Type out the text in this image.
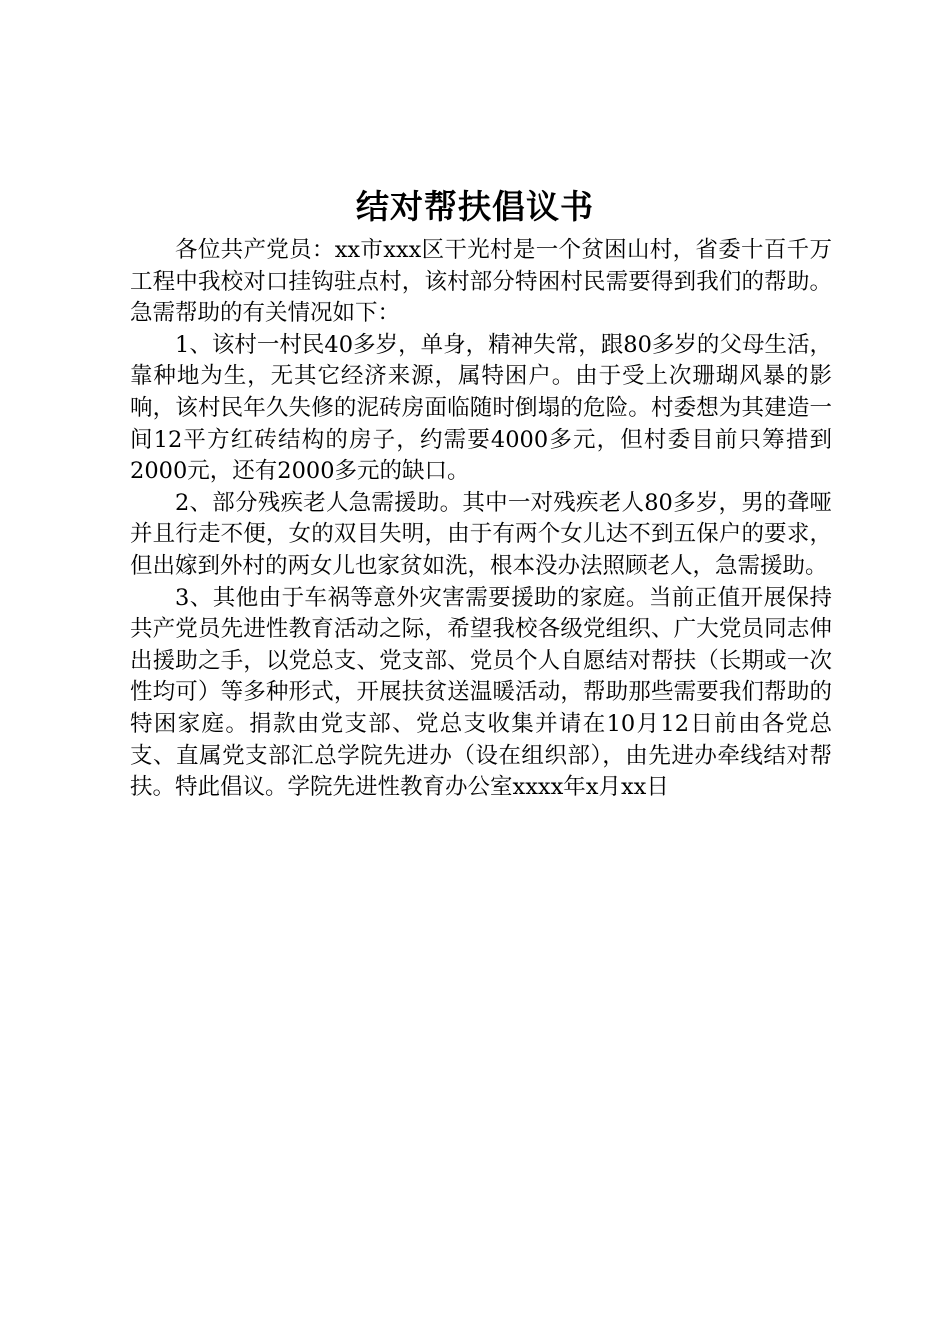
结对帮扶倡议书

各位共产党员：xx市xxx区干光村是一个贫困山村，省委十百千万工程中我校对口挂钩驻点村，该村部分特困村民需要得到我们的帮助。急需帮助的有关情况如下：

1、该村一村民40多岁，单身，精神失常，跟80多岁的父母生活，靠种地为生，无其它经济来源，属特困户。由于受上次珊瑚风暴的影响，该村民年久失修的泥砖房面临随时倒塌的危险。村委想为其建造一间12平方红砖结构的房子，约需要4000多元，但村委目前只筹措到2000元，还有2000多元的缺口。

2、部分残疾老人急需援助。其中一对残疾老人80多岁，男的聋哑并且行走不便，女的双目失明，由于有两个女儿达不到五保户的要求，但出嫁到外村的两女儿也家贫如洗，根本没办法照顾老人，急需援助。

3、其他由于车祸等意外灾害需要援助的家庭。当前正值开展保持共产党员先进性教育活动之际，希望我校各级党组织、广大党员同志伸出援助之手，以党总支、党支部、党员个人自愿结对帮扶（长期或一次性均可）等多种形式，开展扶贫送温暖活动，帮助那些需要我们帮助的特困家庭。捐款由党支部、党总支收集并请在10月12日前由各党总支、直属党支部汇总学院先进办（设在组织部），由先进办牵线结对帮扶。特此倡议。学院先进性教育办公室xxxx年x月xx日
